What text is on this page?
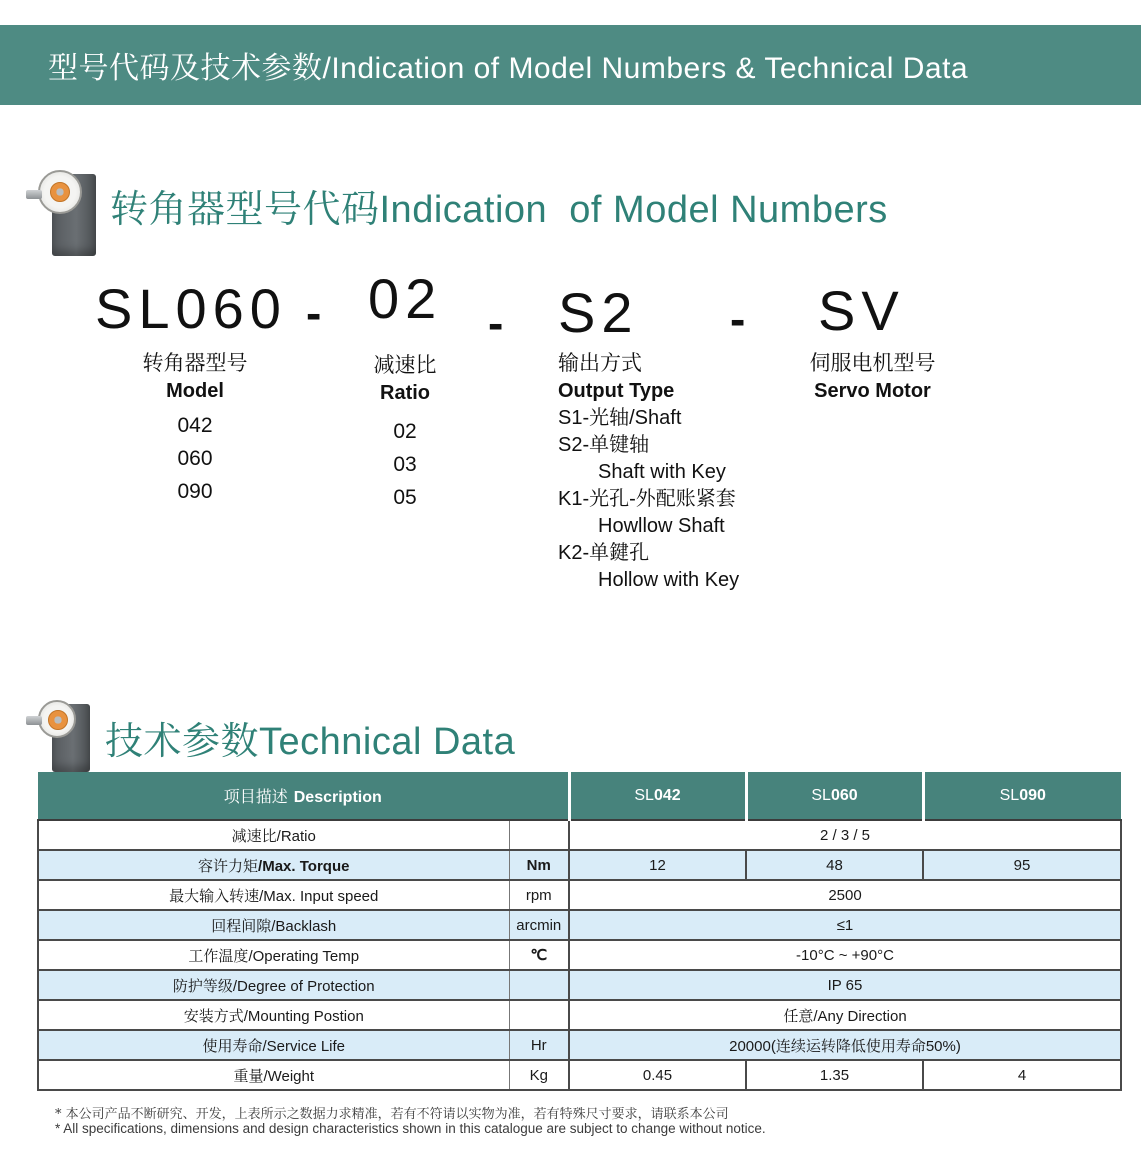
型号代码及技术参数/Indication of Model Numbers & Technical Data
转角器型号代码Indication  of Model Numbers
SL060 - 02 - S2 - SV
转角器型号
Model
042
060
090
减速比
Ratio
02
03
05
输出方式
Output Type
S1-光轴/Shaft
S2-单键轴
Shaft with Key
K1-光孔-外配账紧套
Howllow Shaft
K2-单鍵孔
Hollow with Key
伺服电机型号
Servo Motor
技术参数Technical Data
项目描述 Description		SL042	SL060	SL090
减速比/Ratio		2 / 3 / 5		
容许力矩/Max. Torque	Nm	12	48	95
最大输入转速/Max. Input speed	rpm	2500		
回程间隙/Backlash	arcmin	≤1		
工作温度/Operating Temp	℃	-10°C ~ +90°C		
防护等级/Degree of Protection		IP 65		
安装方式/Mounting Postion		任意/Any Direction		
使用寿命/Service Life	Hr	20000(连续运转降低使用寿命50%)		
重量/Weight	Kg	0.45	1.35	4
* 本公司产品不断研究、开发，上表所示之数据力求精准，若有不符请以实物为准，若有特殊尺寸要求，请联系本公司
* All specifications, dimensions and design characteristics shown in this catalogue are subject to change without notice.
